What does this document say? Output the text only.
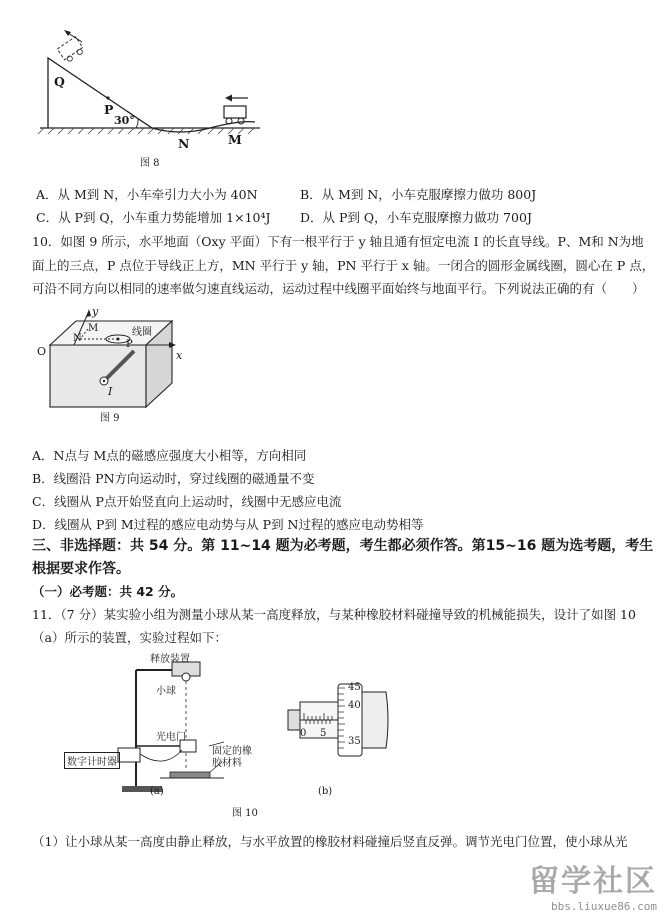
Q
P
30°
N	M
图 8
A．从 M到 N，小车牵引力大小为 40N	B．从 M到 N，小车克服摩擦力做功 800J
C．从 P到 Q，小车重力势能增加 1×10⁴J D．从 P到 Q，小车克服摩擦力做功 700J
10．如图 9 所示，水平地面（Oxy 平面）下有一根平行于 y 轴且通有恒定电流 I 的长直导线。P、M和 N为地
面上的三点，P 点位于导线正上方，MN 平行于 y 轴，PN 平行于 x 轴。一闭合的圆形金属线圈，圆心在 P 点，
可沿不同方向以相同的速率做匀速直线运动，运动过程中线圈平面始终与地面平行。下列说法正确的有（　　）
y
M
N
线圈
P
O	x
I
图 9
A．N点与 M点的磁感应强度大小相等，方向相同
B．线圈沿 PN方向运动时，穿过线圈的磁通量不变
C．线圈从 P点开始竖直向上运动时，线圈中无感应电流
D．线圈从 P到 M过程的感应电动势与从 P到 N过程的感应电动势相等
三、非选择题：共 54 分。第 11~14 题为必考题，考生都必须作答。第15~16 题为选考题，考生
根据要求作答。
（一）必考题：共 42 分。
11．（7 分）某实验小组为测量小球从某一高度释放，与某种橡胶材料碰撞导致的机械能损失，设计了如图 10
（a）所示的装置，实验过程如下：
释放装置
小球
光电门
数字计时器
固定的橡胶材料
(a)
45
40
35
0 5
(b)
图 10
（1）让小球从某一高度由静止释放，与水平放置的橡胶材料碰撞后竖直反弹。调节光电门位置，使小球从光
留学社区
bbs.liuxue86.com
